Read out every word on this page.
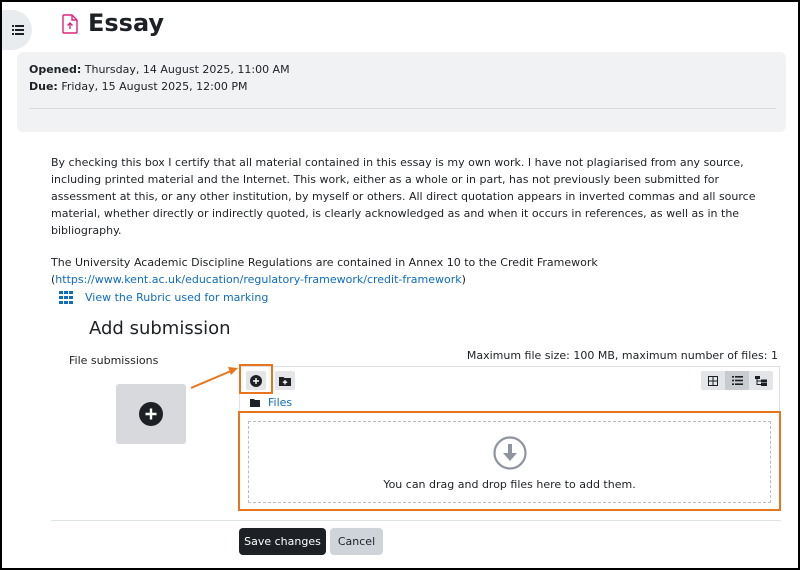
Essay
Opened: Thursday, 14 August 2025, 11:00 AM
Due: Friday, 15 August 2025, 12:00 PM

By checking this box I certify that all material contained in this essay is my own work. I have not plagiarised from any source, including printed material and the Internet. This work, either as a whole or in part, has not previously been submitted for assessment at this, or any other institution, by myself or others. All direct quotation appears in inverted commas and all source material, whether directly or indirectly quoted, is clearly acknowledged as and when it occurs in references, as well as in the bibliography.

The University Academic Discipline Regulations are contained in Annex 10 to the Credit Framework
(https://www.kent.ac.uk/education/regulatory-framework/credit-framework)

View the Rubric used for marking
Add submission
File submissions	Maximum file size: 100 MB, maximum number of files: 1
Files
You can drag and drop files here to add them.
Save changes	Cancel
